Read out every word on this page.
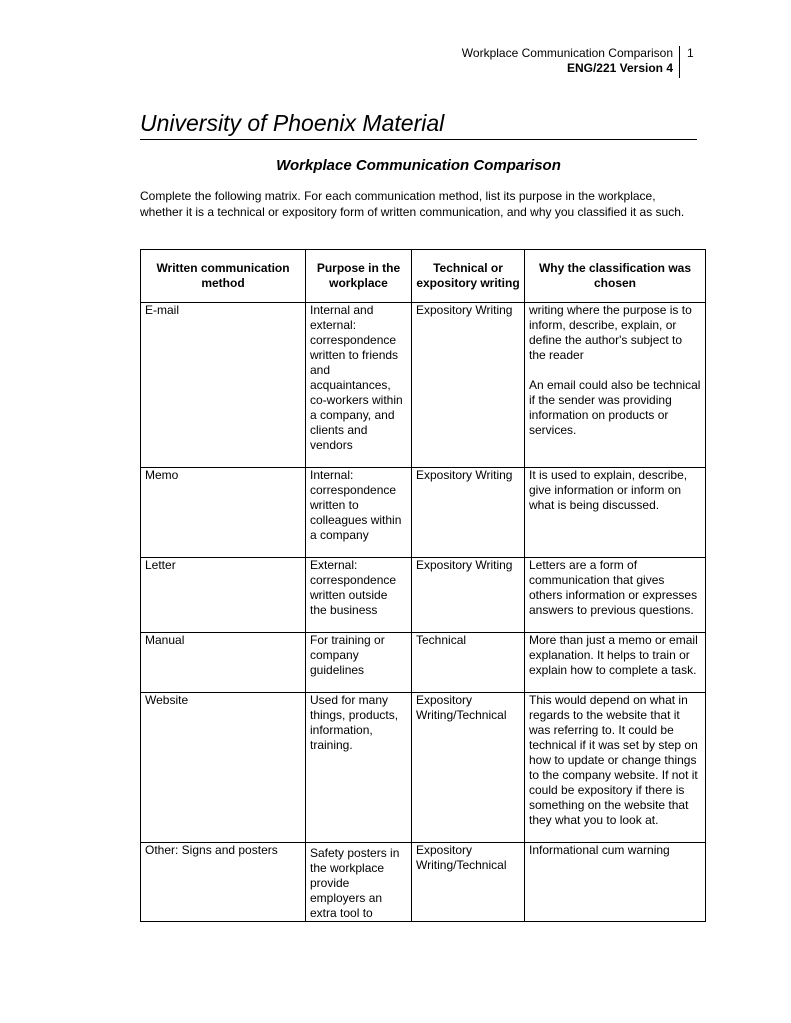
Workplace Communication Comparison
ENG/221 Version 4
1
University of Phoenix Material
Workplace Communication Comparison
Complete the following matrix. For each communication method, list its purpose in the workplace, whether it is a technical or expository form of written communication, and why you classified it as such.
Written communication method	Purpose in the workplace	Technical or expository writing	Why the classification was chosen
E-mail	Internal and external: correspondence written to friends and acquaintances, co-workers within a company, and clients and vendors	Expository Writing	writing where the purpose is to inform, describe, explain, or define the author's subject to the reader
An email could also be technical if the sender was providing information on products or services.
Memo	Internal: correspondence written to colleagues within a company	Expository Writing	It is used to explain, describe, give information or inform on what is being discussed.
Letter	External: correspondence written outside the business	Expository Writing	Letters are a form of communication that gives others information or expresses answers to previous questions.
Manual	For training or company guidelines	Technical	More than just a memo or email explanation. It helps to train or explain how to complete a task.
Website	Used for many things, products, information, training.	Expository Writing/Technical	This would depend on what in regards to the website that it was referring to. It could be technical if it was set by step on how to update or change things to the company website. If not it could be expository if there is something on the website that they what you to look at.
Other: Signs and posters	Safety posters in the workplace provide employers an extra tool to	Expository Writing/Technical	Informational cum warning
